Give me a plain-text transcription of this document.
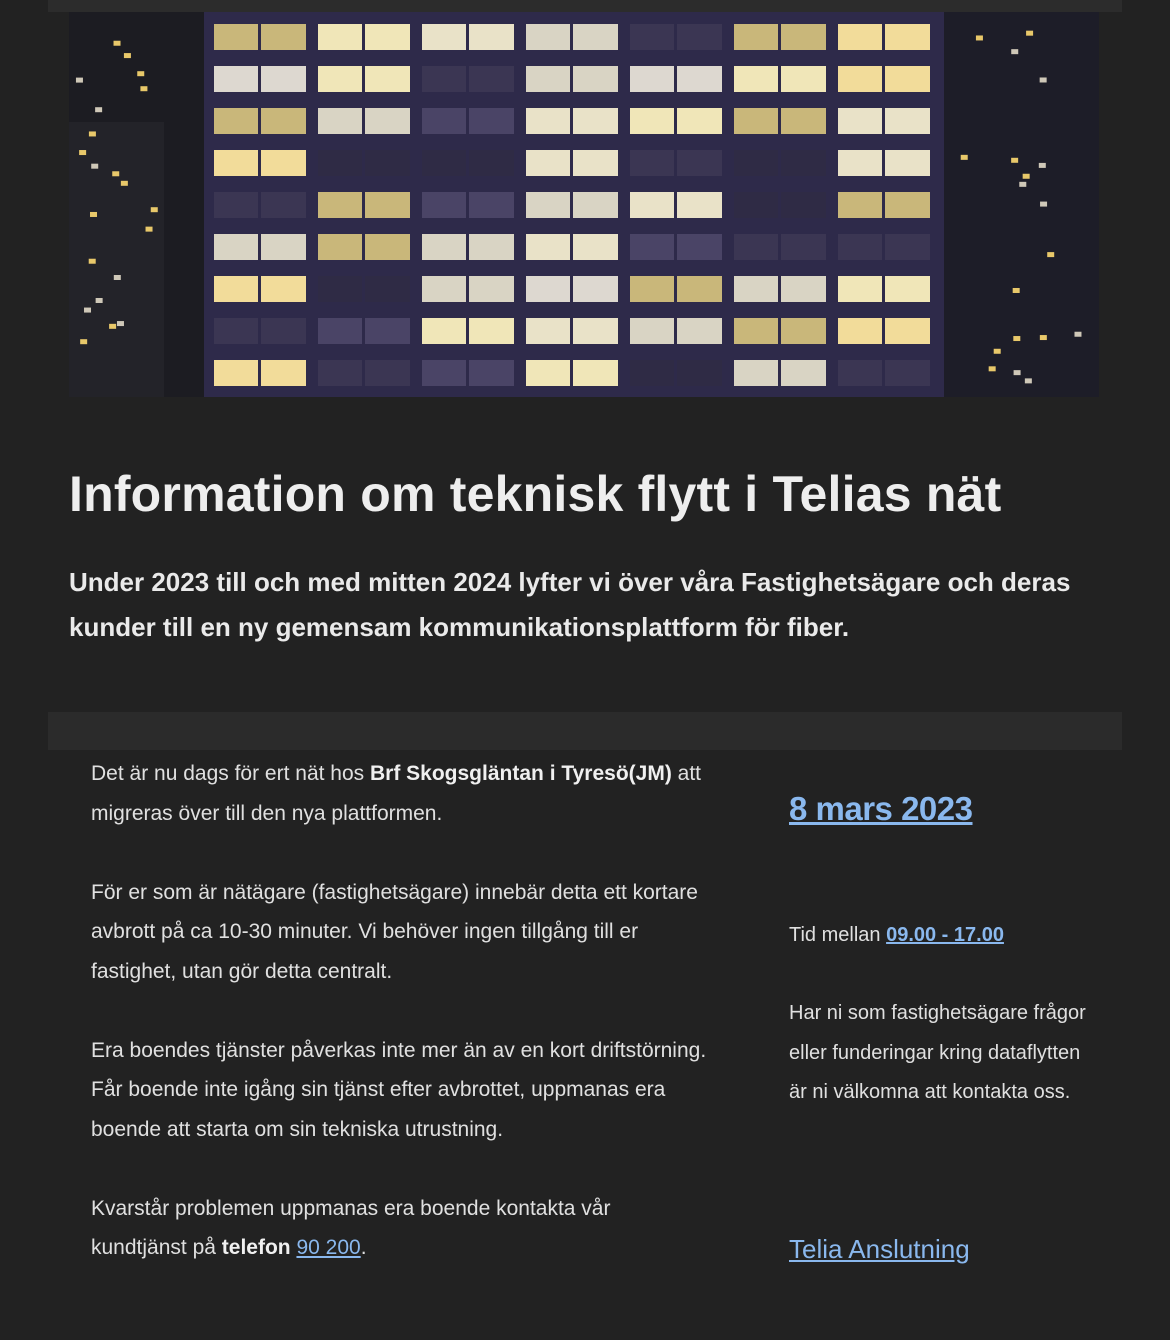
Information om teknisk flytt i Telias nät

Under 2023 till och med mitten 2024 lyfter vi över våra Fastighetsägare och deras kunder till en ny gemensam kommunikationsplattform för fiber.

Det är nu dags för ert nät hos Brf Skogsgläntan i Tyresö(JM) att migreras över till den nya plattformen.

För er som är nätägare (fastighetsägare) innebär detta ett kortare avbrott på ca 10-30 minuter. Vi behöver ingen tillgång till er fastighet, utan gör detta centralt.

Era boendes tjänster påverkas inte mer än av en kort driftstörning. Får boende inte igång sin tjänst efter avbrottet, uppmanas era boende att starta om sin tekniska utrustning.

Kvarstår problemen uppmanas era boende kontakta vår kundtjänst på telefon 90 200.

8 mars 2023
Tid mellan 09.00 - 17.00

Har ni som fastighetsägare frågor eller funderingar kring dataflytten är ni välkomna att kontakta oss.

Telia Anslutning
